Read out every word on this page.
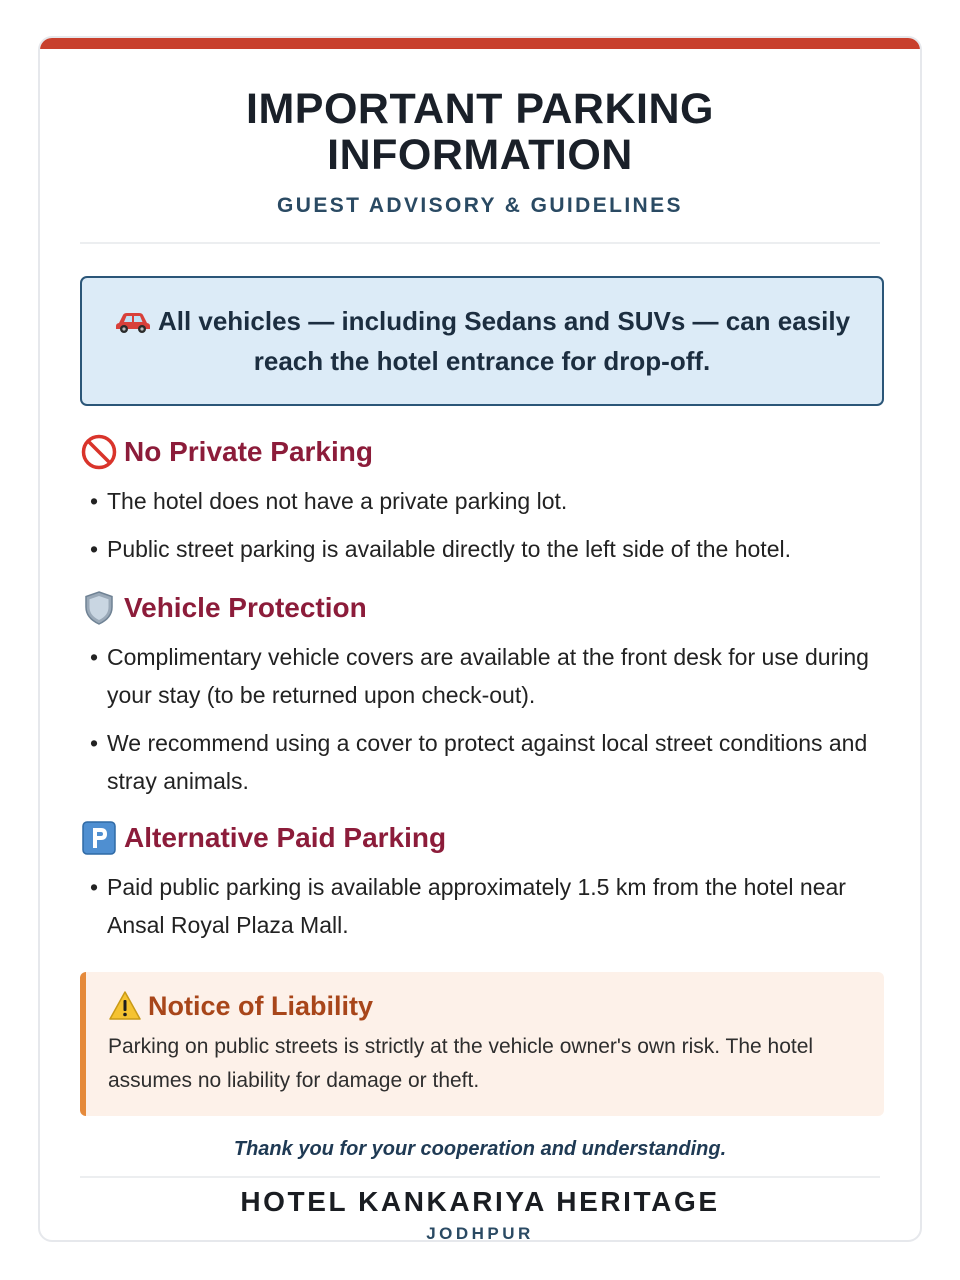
IMPORTANT PARKING
INFORMATION
GUEST ADVISORY & GUIDELINES
All vehicles — including Sedans and SUVs — can easily reach the hotel entrance for drop-off.
No Private Parking
• The hotel does not have a private parking lot.
• Public street parking is available directly to the left side of the hotel.
Vehicle Protection
• Complimentary vehicle covers are available at the front desk for use during your stay (to be returned upon check-out).
• We recommend using a cover to protect against local street conditions and stray animals.
Alternative Paid Parking
• Paid public parking is available approximately 1.5 km from the hotel near Ansal Royal Plaza Mall.
Notice of Liability
Parking on public streets is strictly at the vehicle owner's own risk. The hotel assumes no liability for damage or theft.
Thank you for your cooperation and understanding.
HOTEL KANKARIYA HERITAGE
JODHPUR
